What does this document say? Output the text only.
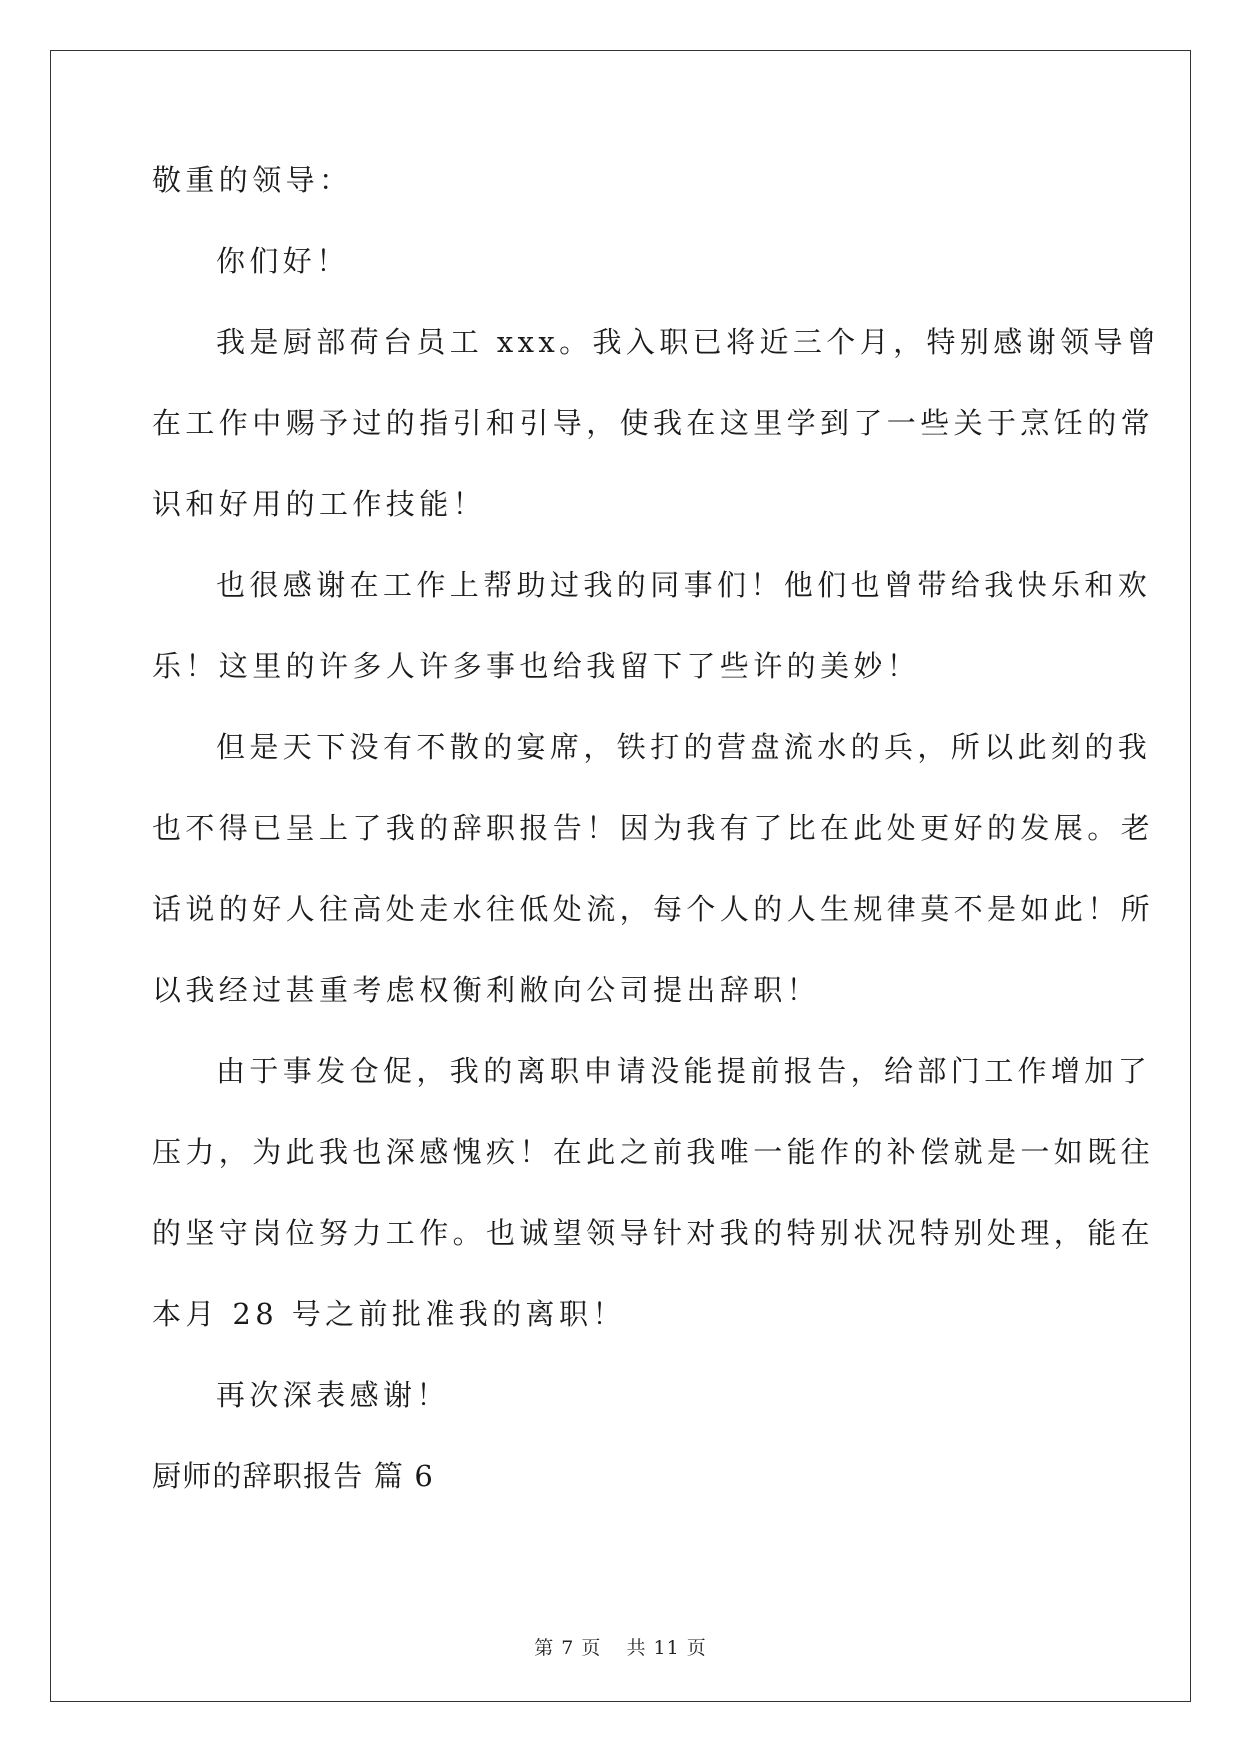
敬重的领导：
你们好！
我是厨部荷台员工 xxx。我入职已将近三个月，特别感谢领导曾
在工作中赐予过的指引和引导，使我在这里学到了一些关于烹饪的常
识和好用的工作技能！
也很感谢在工作上帮助过我的同事们！他们也曾带给我快乐和欢
乐！这里的许多人许多事也给我留下了些许的美妙！
但是天下没有不散的宴席，铁打的营盘流水的兵，所以此刻的我
也不得已呈上了我的辞职报告！因为我有了比在此处更好的发展。老
话说的好人往高处走水往低处流，每个人的人生规律莫不是如此！所
以我经过甚重考虑权衡利敝向公司提出辞职！
由于事发仓促，我的离职申请没能提前报告，给部门工作增加了
压力，为此我也深感愧疚！在此之前我唯一能作的补偿就是一如既往
的坚守岗位努力工作。也诚望领导针对我的特别状况特别处理，能在
本月 28 号之前批准我的离职！
再次深表感谢！
厨师的辞职报告 篇 6
第 7 页 共 11 页
